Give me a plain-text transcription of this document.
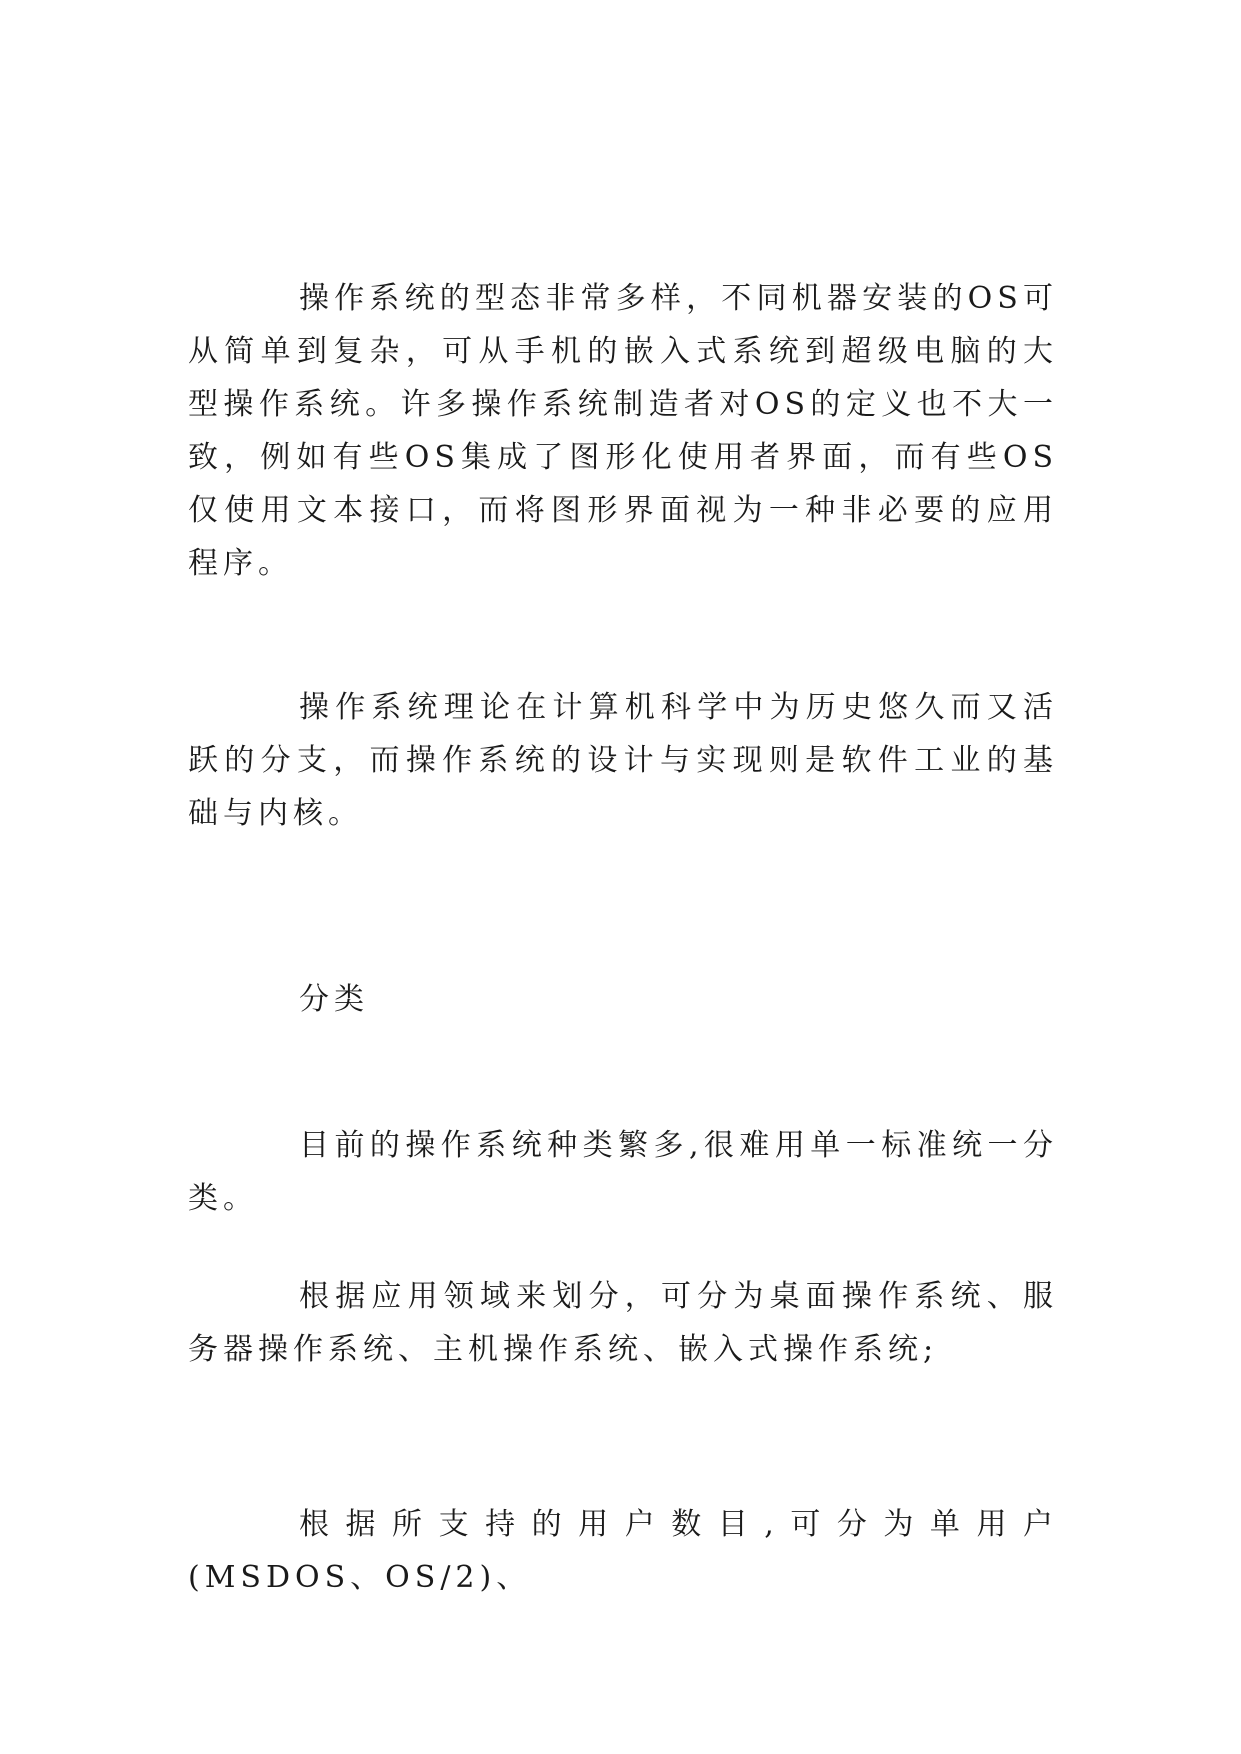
操作系统的型态非常多样，不同机器安装的OS可从简单到复杂，可从手机的嵌入式系统到超级电脑的大型操作系统。许多操作系统制造者对OS的定义也不大一致，例如有些OS集成了图形化使用者界面，而有些OS仅使用文本接口，而将图形界面视为一种非必要的应用程序。

操作系统理论在计算机科学中为历史悠久而又活跃的分支，而操作系统的设计与实现则是软件工业的基础与内核。

分类

目前的操作系统种类繁多,很难用单一标准统一分类。

根据应用领域来划分，可分为桌面操作系统、服务器操作系统、主机操作系统、嵌入式操作系统;

根据所支持的用户数目,可分为单用户(MSDOS、OS/2)、
